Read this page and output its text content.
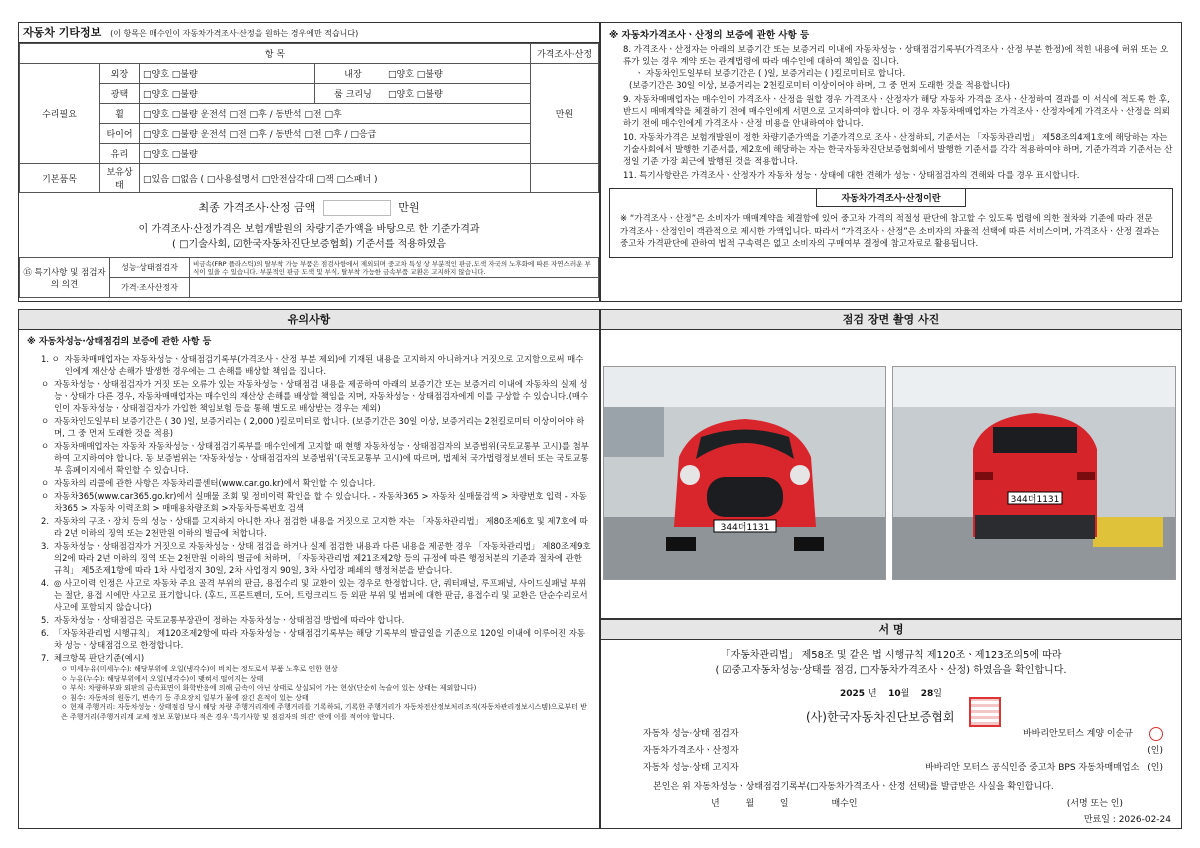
자동차 기타정보 (이 항목은 매수인이 자동차가격조사·산정을 원하는 경우에만 적습니다)
항 목				가격조사·산정
수리필요	외장	□양호 □불량	내장 □양호 □불량	만원
	광택	□양호 □불량	룸 크리닝 □양호 □불량	
	휠	□양호 □불량 운전석 □전 □후 / 동반석 □전 □후		
	타이어	□양호 □불량 운전석 □전 □후 / 동반석 □전 □후 / □응급		
	유리	□양호 □불량		
기본품목	보유상태	□있음 □없음 ( □사용설명서 □안전삼각대 □잭 □스패너 )		
최종 가격조사·산정 금액	만원
이 가격조사·산정가격은 보험개발원의 차량기준가액을 바탕으로 한 기준가격과
( □기술사회, ☑한국자동차진단보증협회) 기준서를 적용하였음
⑮ 특기사항 및 점검자의 의견	성능·상태점검자	비금속(FRP 플라스틱)의 탈부착 가능 부품은 점검사항에서 제외되며 중고차 특성 상 부분적인 판금,도색 자국의 노후화에 따른 자연스러운 부식이 있을 수 있습니다. 부분적인 판금 도색 및 부식, 탈부착 가능한 금속부품 교환은 고지하지 않습니다.
	가격·조사산정자	
※ 자동차가격조사ㆍ산정의 보증에 관한 사항 등
8. 가격조사ㆍ산정자는 아래의 보증기간 또는 보증거리 이내에 자동차성능ㆍ상태점검기록부(가격조사ㆍ산정 부분 한정)에 적힌 내용에 허위 또는 오류가 있는 경우 계약 또는 관계법령에 따라 매수인에 대하여 책임을 집니다.
ㆍ 자동차인도일부터 보증기간은 ( )일, 보증거리는 ( )킬로미터로 합니다.
(보증기간은 30일 이상, 보증거리는 2천킬로미터 이상이어야 하며, 그 중 먼저 도래한 것을 적용합니다)
9. 자동차매매업자는 매수인이 가격조사ㆍ산정을 원할 경우 가격조사ㆍ산정자가 해당 자동차 가격을 조사ㆍ산정하여 결과를 이 서식에 적도록 한 후, 반드시 매매계약을 체결하기 전에 매수인에게 서면으로 고지하여야 합니다. 이 경우 자동차매매업자는 가격조사ㆍ산정자에게 가격조사ㆍ산정을 의뢰하기 전에 매수인에게 가격조사ㆍ산정 비용을 안내하여야 합니다.
10. 자동차가격은 보험개발원이 정한 차량기준가액을 기준가격으로 조사ㆍ산정하되, 기준서는 「자동차관리법」 제58조의4제1호에 해당하는 자는 기술사회에서 발행한 기준서를, 제2호에 해당하는 자는 한국자동차진단보증협회에서 발행한 기준서를 각각 적용하여야 하며, 기준가격과 기준서는 산정일 기준 가장 최근에 발행된 것을 적용합니다.
11. 특기사항란은 가격조사ㆍ산정자가 자동차 성능ㆍ상태에 대한 견해가 성능ㆍ상태점검자의 견해와 다를 경우 표시합니다.
자동차가격조사·산정이란
※ “가격조사ㆍ산정”은 소비자가 매매계약을 체결함에 있어 중고차 가격의 적절성 판단에 참고할 수 있도록 법령에 의한 절차와 기준에 따라 전문 가격조사ㆍ산정인이 객관적으로 제시한 가액입니다. 따라서 “가격조사ㆍ산정”은 소비자의 자율적 선택에 따른 서비스이며, 가격조사ㆍ산정 결과는 중고차 가격판단에 관하여 법적 구속력은 없고 소비자의 구매여부 결정에 참고자료로 활용됩니다.
유의사항
※ 자동차성능·상태점검의 보증에 관한 사항 등
1. ㅇ 자동차매매업자는 자동차성능ㆍ상태점검기록부(가격조사ㆍ산정 부분 제외)에 기재된 내용을 고지하지 아니하거나 거짓으로 고지함으로써 매수인에게 재산상 손해가 발생한 경우에는 그 손해를 배상할 책임을 집니다.
ㅇ 자동차성능ㆍ상태점검자가 거짓 또는 오류가 있는 자동차성능ㆍ상태점검 내용을 제공하여 아래의 보증기간 또는 보증거리 이내에 자동차의 실제 성능ㆍ상태가 다른 경우, 자동차매매업자는 매수인의 재산상 손해를 배상할 책임을 지며, 자동차성능ㆍ상태점검자에게 이를 구상할 수 있습니다.(매수인이 자동차성능ㆍ상태점검자가 가입한 책임보험 등을 통해 별도로 배상받는 경우는 제외)
ㅇ 자동차인도일부터 보증기간은 ( 30 )일, 보증거리는 ( 2,000 )킬로미터로 합니다. (보증기간은 30일 이상, 보증거리는 2천킬로미터 이상이어야 하며, 그 중 먼저 도래한 것을 적용)
ㅇ 자동차매매업자는 자동차 자동차성능ㆍ상태점검기록부를 매수인에게 고지할 때 현행 자동차성능ㆍ상태점검자의 보증범위(국토교통부 고시)를 첨부하여 고지하여야 합니다. 동 보증범위는 ‘자동차성능ㆍ상태점검자의 보증범위’(국토교통부 고시)에 따르며, 법제처 국가법령정보센터 또는 국토교통부 홈페이지에서 확인할 수 있습니다.
ㅇ 자동차의 리콜에 관한 사항은 자동차리콜센터(www.car.go.kr)에서 확인할 수 있습니다.
ㅇ 자동차365(www.car365.go.kr)에서 실매물 조회 및 정비이력 확인을 할 수 있습니다. - 자동차365 > 자동차 실매물검색 > 차량번호 입력 - 자동차365 > 자동차 이력조회 > 매매용차량조회 >자동차등록번호 검색
2. 자동차의 구조ㆍ장치 등의 성능ㆍ상태를 고지하지 아니한 자나 점검한 내용을 거짓으로 고지한 자는 「자동차관리법」 제80조제6호 및 제7호에 따라 2년 이하의 징역 또는 2천만원 이하의 벌금에 처합니다.
3. 자동차성능ㆍ상태점검자가 거짓으로 자동차성능ㆍ상태 점검을 하거나 실제 점검한 내용과 다른 내용을 제공한 경우 「자동차관리법」 제80조제9호의2에 따라 2년 이하의 징역 또는 2천만원 이하의 벌금에 처하며, 「자동차관리법 제21조제2항 등의 규정에 따른 행정처분의 기준과 절차에 관한 규칙」 제5조제1항에 따라 1차 사업정지 30일, 2차 사업정지 90일, 3차 사업장 폐쇄의 행정처분을 받습니다.
4. ◎ 사고이력 인정은 사고로 자동차 주요 골격 부위의 판금, 용접수리 및 교환이 있는 경우로 한정합니다. 단, 쿼터패널, 루프패널, 사이드실패널 부위는 절단, 용접 시에만 사고로 표기합니다. (후드, 프론트펜더, 도어, 트렁크리드 등 외판 부위 및 범퍼에 대한 판금, 용접수리 및 교환은 단순수리로서 사고에 포함되지 않습니다)
5. 자동차성능ㆍ상태점검은 국토교통부장관이 정하는 자동차성능ㆍ상태점검 방법에 따라야 합니다.
6. 「자동차관리법 시행규칙」 제120조제2항에 따라 자동차성능ㆍ상태점검기록부는 해당 기록부의 발급일을 기준으로 120일 이내에 이루어진 자동차 성능ㆍ상태점검으로 한정합니다.
7. 체크항목 판단기준(예시)
ㅇ 미세누유(미세누수): 해당부위에 오일(냉각수)이 비치는 정도로서 부품 노후로 인한 현상
ㅇ 누유(누수): 해당부위에서 오일(냉각수)이 맺혀서 떨어지는 상태
ㅇ 부식: 차량하부와 외판의 금속표면이 화학반응에 의해 금속이 아닌 상태로 상실되어 가는 현상(단순히 녹슬어 있는 상태는 제외합니다)
ㅇ 침수: 자동차의 원동기, 변속기 등 주요장치 일부가 물에 잠긴 흔적이 있는 상태
ㅇ 현재 주행거리: 자동차성능ㆍ상태점검 당시 해당 차량 주행거리계에 주행거리를 기록하되, 기록한 주행거리가 자동차전산정보처리조직(자동차관리정보시스템)으로부터 받은 주행거리(주행거리계 교체 정보 포함)보다 적은 경우 '특기사항 및 점검자의 의견' 란에 이를 적어야 합니다.
점검 장면 촬영 사진
344더1131
344더1131
서 명
「자동차관리법」 제58조 및 같은 법 시행규칙 제120조ㆍ제123조의5에 따라
( ☑중고자동차성능·상태를 점검, □자동차가격조사ㆍ산정) 하였음을 확인합니다.
2025 년 10월 28일
(사)한국자동차진단보증협회
자동차 성능·상태 점검자	바바리안모터스 계양 이순규
자동차가격조사ㆍ산정자	(인)
자동차 성능·상태 고지자	바바리안 모터스 공식인증 중고차 BPS 자동차매매업소 (인)
본인은 위 자동차성능ㆍ상태점검기록부(□자동차가격조사ㆍ산정 선택)를 발급받은 사실을 확인합니다.
년         월         일               매수인	(서명 또는 인)
만료일 : 2026-02-24
